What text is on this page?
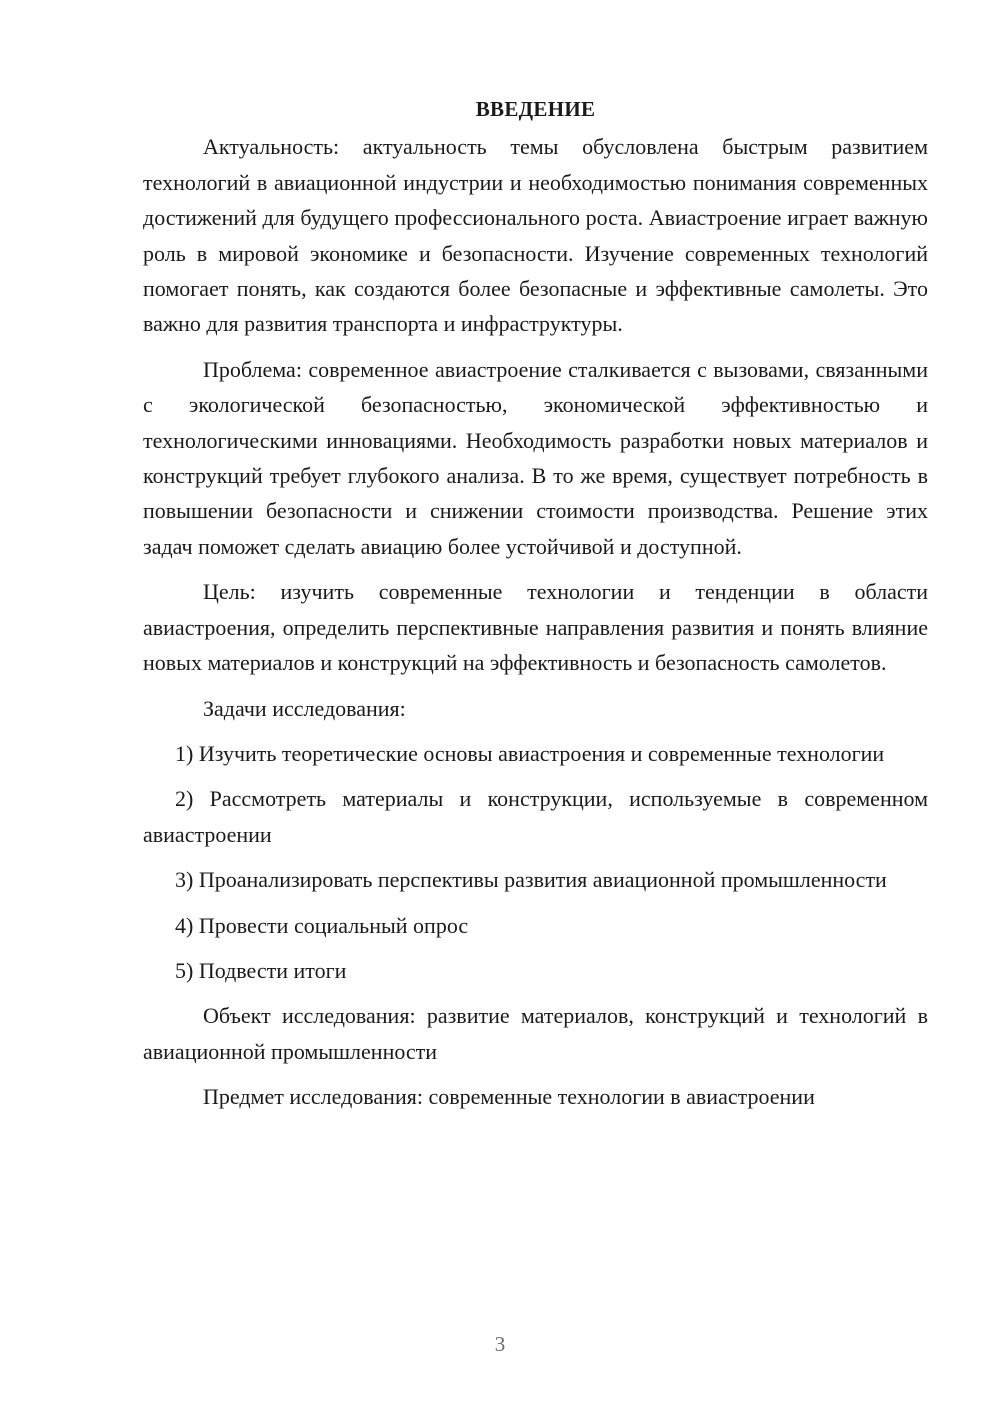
ВВЕДЕНИЕ

Актуальность: актуальность темы обусловлена быстрым развитием технологий в авиационной индустрии и необходимостью понимания современных достижений для будущего профессионального роста. Авиастроение играет важную роль в мировой экономике и безопасности. Изучение современных технологий помогает понять, как создаются более безопасные и эффективные самолеты. Это важно для развития транспорта и инфраструктуры.

Проблема: современное авиастроение сталкивается с вызовами, связанными с экологической безопасностью, экономической эффективностью и технологическими инновациями. Необходимость разработки новых материалов и конструкций требует глубокого анализа. В то же время, существует потребность в повышении безопасности и снижении стоимости производства. Решение этих задач поможет сделать авиацию более устойчивой и доступной.

Цель: изучить современные технологии и тенденции в области авиастроения, определить перспективные направления развития и понять влияние новых материалов и конструкций на эффективность и безопасность самолетов.

Задачи исследования:

1) Изучить теоретические основы авиастроения и современные технологии

2) Рассмотреть материалы и конструкции, используемые в современном авиастроении

3) Проанализировать перспективы развития авиационной промышленности

4) Провести социальный опрос

5) Подвести итоги

Объект исследования: развитие материалов, конструкций и технологий в авиационной промышленности

Предмет исследования: современные технологии в авиастроении

3
